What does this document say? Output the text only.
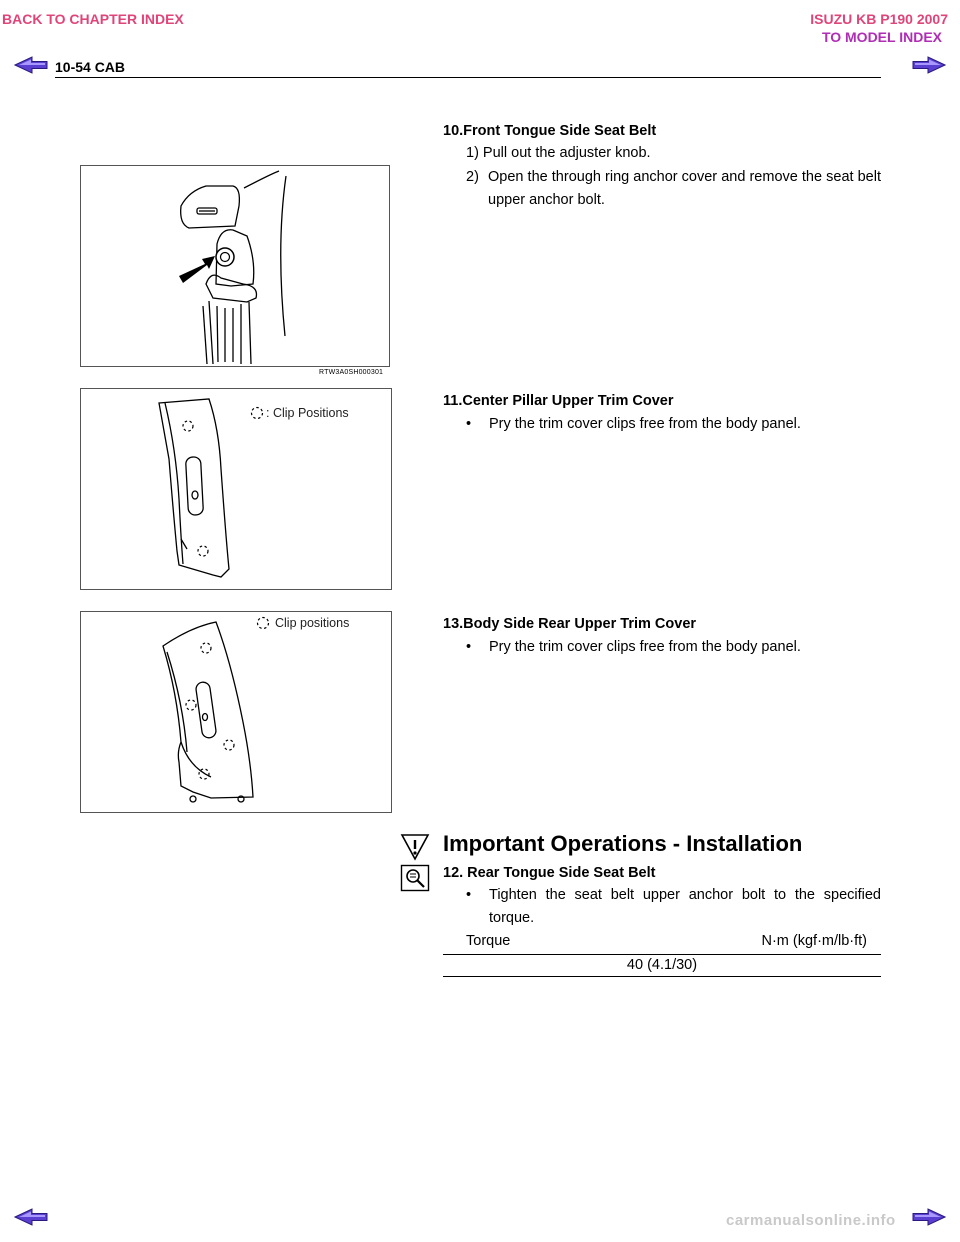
BACK TO CHAPTER INDEX	ISUZU KB P190 2007
TO MODEL INDEX
10-54 CAB
RTW3A0SH000301
: Clip Positions
Clip positions
10.Front Tongue Side Seat Belt
1) Pull out the adjuster knob.
2) Open the through ring anchor cover and remove the seat belt upper anchor bolt.
11.Center Pillar Upper Trim Cover
• Pry the trim cover clips free from the body panel.
13.Body Side Rear Upper Trim Cover
• Pry the trim cover clips free from the body panel.
Important Operations - Installation
12. Rear Tongue Side Seat Belt
• Tighten the seat belt upper anchor bolt to the specified torque.
Torque	N·m (kgf·m/lb·ft)
40 (4.1/30)
carmanualsonline.info
